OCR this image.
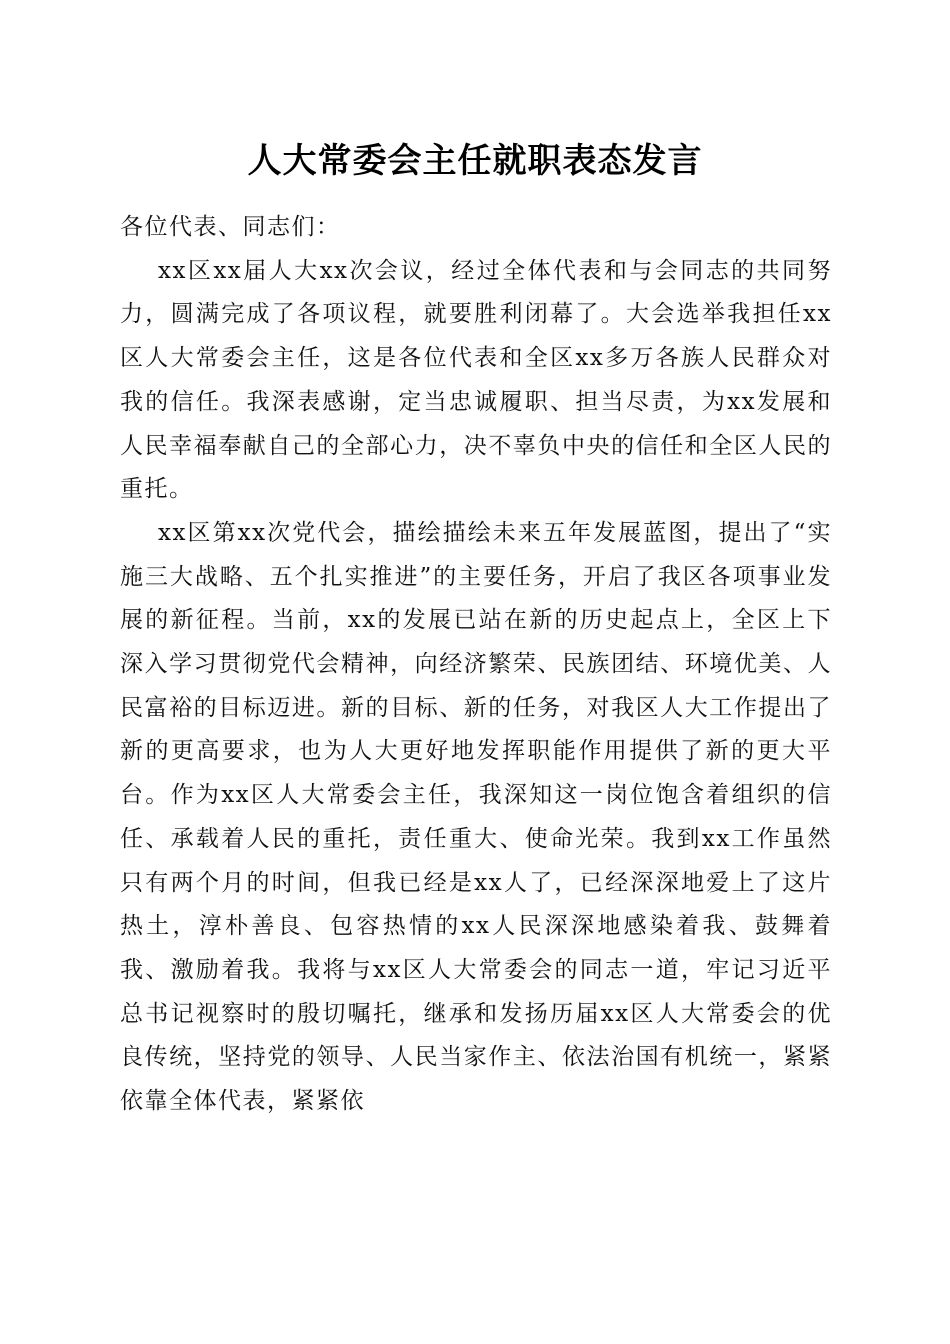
人大常委会主任就职表态发言

各位代表、同志们：

xx区xx届人大xx次会议，经过全体代表和与会同志的共同努力，圆满完成了各项议程，就要胜利闭幕了。大会选举我担任xx区人大常委会主任，这是各位代表和全区xx多万各族人民群众对我的信任。我深表感谢，定当忠诚履职、担当尽责，为xx发展和人民幸福奉献自己的全部心力，决不辜负中央的信任和全区人民的重托。

xx区第xx次党代会，描绘描绘未来五年发展蓝图，提出了“实施三大战略、五个扎实推进”的主要任务，开启了我区各项事业发展的新征程。当前，xx的发展已站在新的历史起点上，全区上下深入学习贯彻党代会精神，向经济繁荣、民族团结、环境优美、人民富裕的目标迈进。新的目标、新的任务，对我区人大工作提出了新的更高要求，也为人大更好地发挥职能作用提供了新的更大平台。作为xx区人大常委会主任，我深知这一岗位饱含着组织的信任、承载着人民的重托，责任重大、使命光荣。我到xx工作虽然只有两个月的时间，但我已经是xx人了，已经深深地爱上了这片热土，淳朴善良、包容热情的xx人民深深地感染着我、鼓舞着我、激励着我。我将与xx区人大常委会的同志一道，牢记习近平总书记视察时的殷切嘱托，继承和发扬历届xx区人大常委会的优良传统，坚持党的领导、人民当家作主、依法治国有机统一，紧紧依靠全体代表，紧紧依
